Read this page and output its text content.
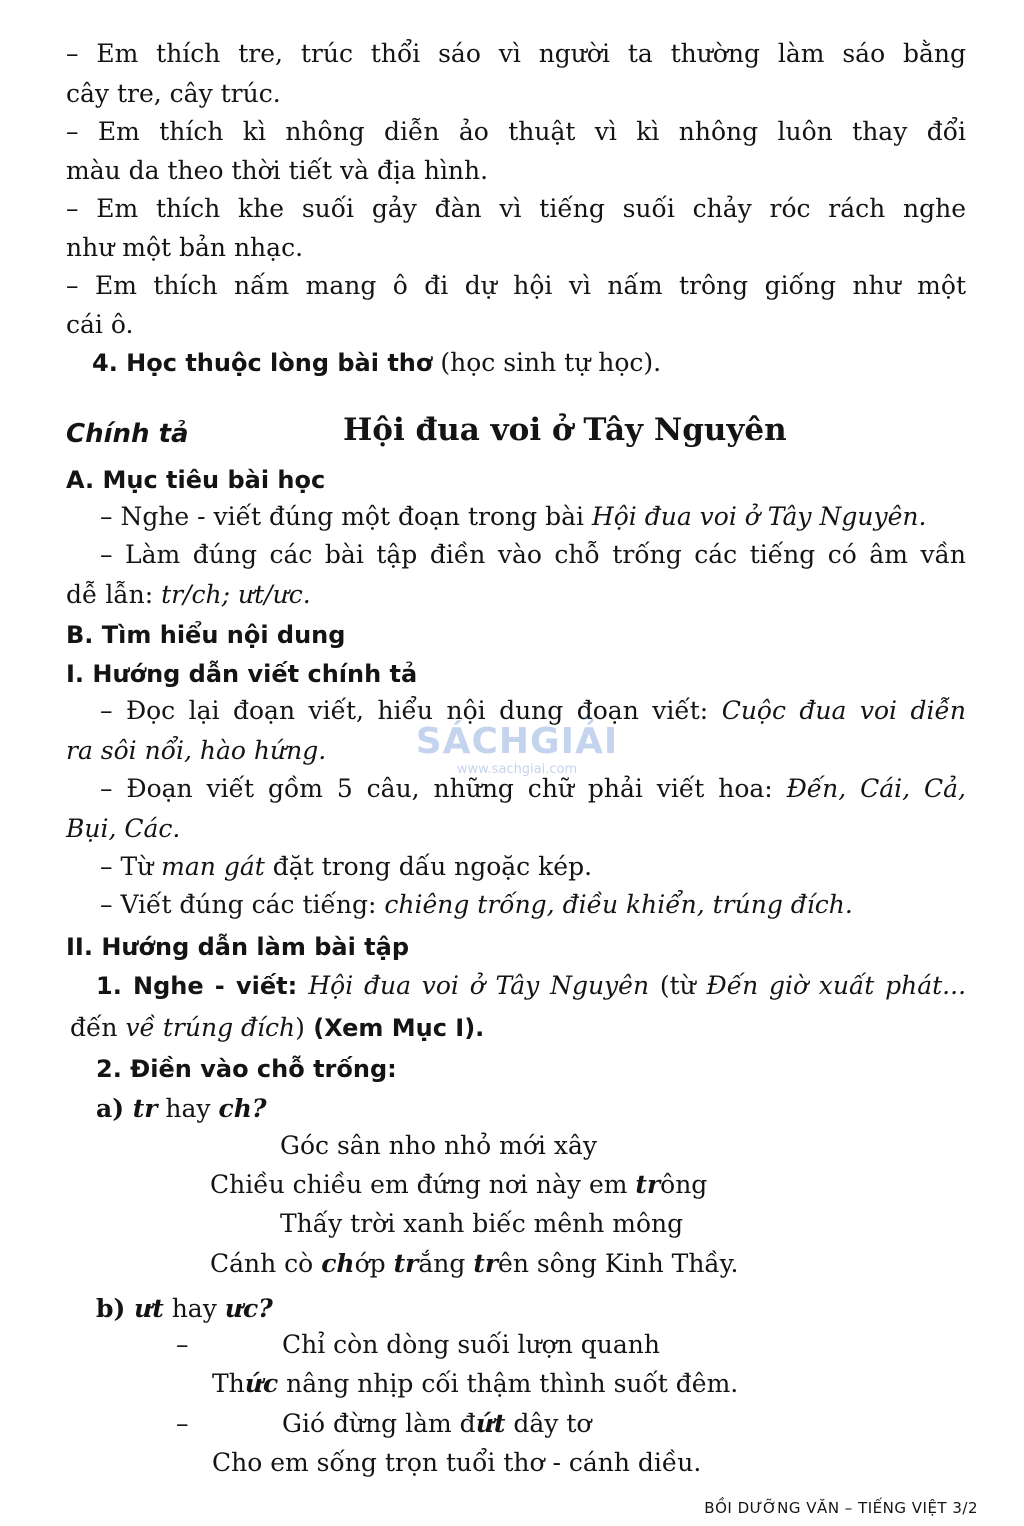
– Em thích tre, trúc thổi sáo vì người ta thường làm sáo bằng
cây tre, cây trúc.
– Em thích kì nhông diễn ảo thuật vì kì nhông luôn thay đổi
màu da theo thời tiết và địa hình.
– Em thích khe suối gảy đàn vì tiếng suối chảy róc rách nghe
như một bản nhạc.
– Em thích nấm mang ô đi dự hội vì nấm trông giống như một
cái ô.
4. Học thuộc lòng bài thơ (học sinh tự học).
Chính tả	Hội đua voi ở Tây Nguyên
A. Mục tiêu bài học
– Nghe - viết đúng một đoạn trong bài Hội đua voi ở Tây Nguyên.
– Làm đúng các bài tập điền vào chỗ trống các tiếng có âm vần
dễ lẫn: tr/ch; ưt/ưc.
B. Tìm hiểu nội dung
I. Hướng dẫn viết chính tả
– Đọc lại đoạn viết, hiểu nội dung đoạn viết: Cuộc đua voi diễn
ra sôi nổi, hào hứng.
– Đoạn viết gồm 5 câu, những chữ phải viết hoa: Đến, Cái, Cả,
Bụi, Các.
– Từ man gát đặt trong dấu ngoặc kép.
– Viết đúng các tiếng: chiêng trống, điều khiển, trúng đích.
II. Hướng dẫn làm bài tập
1. Nghe - viết: Hội đua voi ở Tây Nguyên (từ Đến giờ xuất phát...
đến về trúng đích) (Xem Mục I).
2. Điền vào chỗ trống:
a) tr hay ch?
Góc sân nho nhỏ mới xây
Chiều chiều em đứng nơi này em trông
Thấy trời xanh biếc mênh mông
Cánh cò chớp trắng trên sông Kinh Thầy.
b) ưt hay ưc?
–	Chỉ còn dòng suối lượn quanh
Thức nâng nhịp cối thậm thình suốt đêm.
–	Gió đừng làm đứt dây tơ
Cho em sống trọn tuổi thơ - cánh diều.
SÁCHGIẢI
www.sachgiai.com
BỒI DƯỠNG VĂN – TIẾNG VIỆT 3/2
